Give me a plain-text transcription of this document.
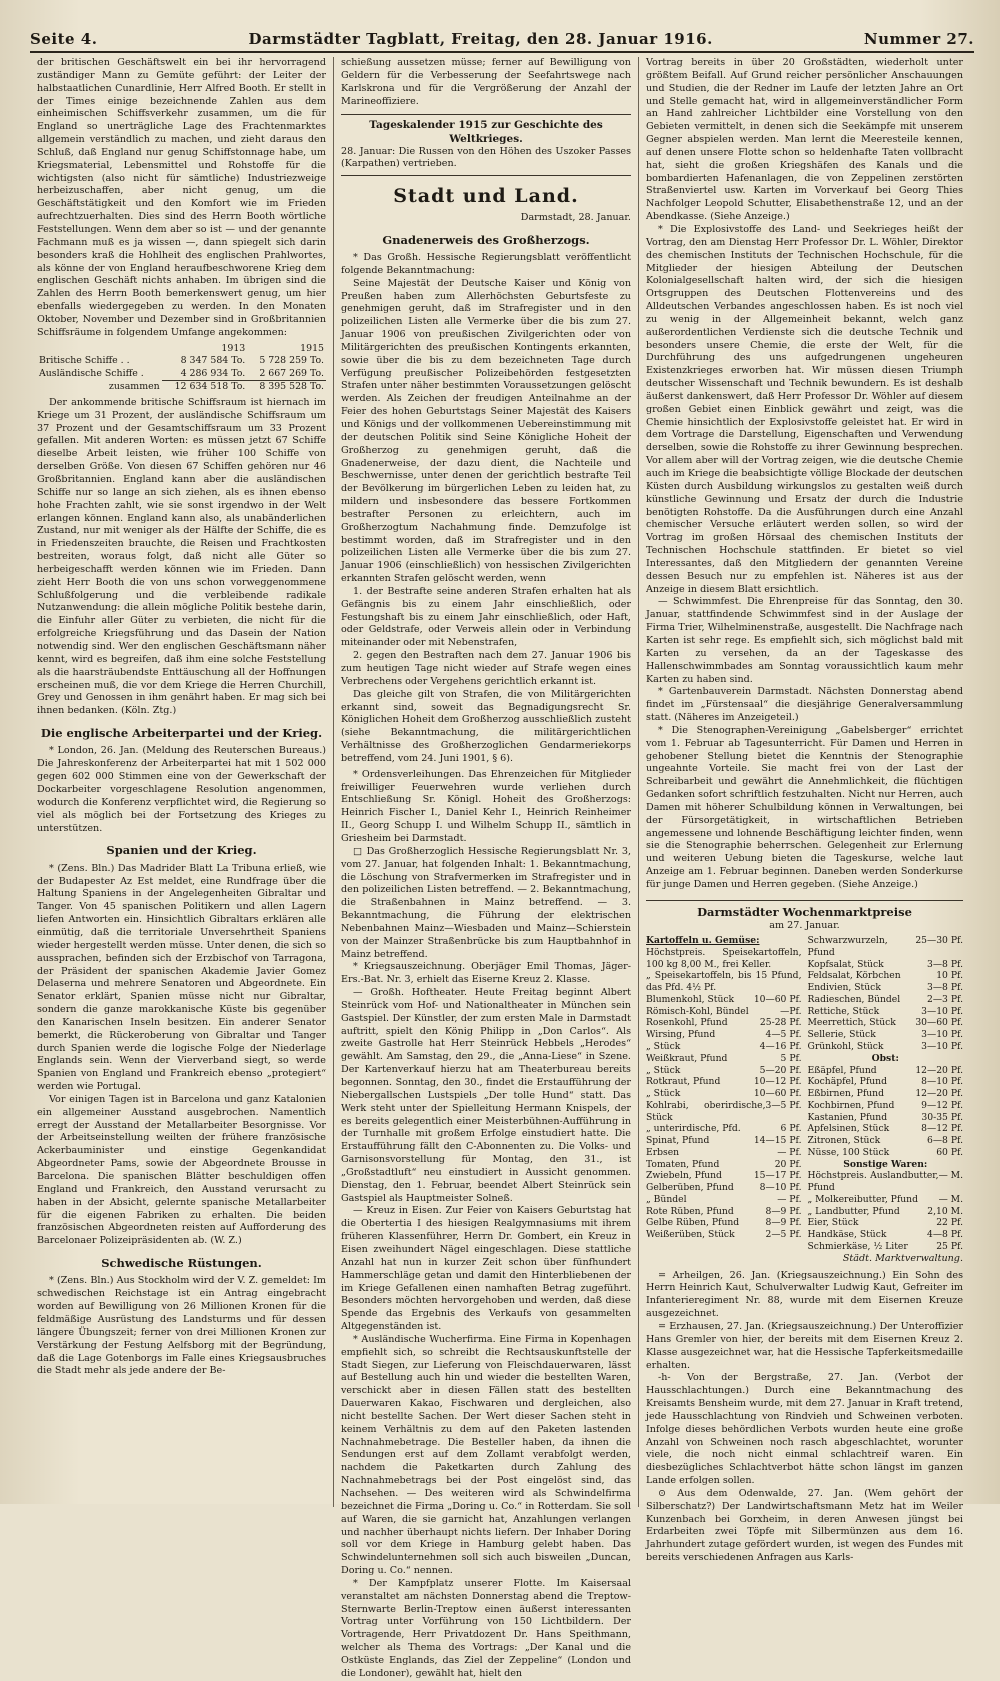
Seite 4.	Darmstädter Tagblatt, Freitag, den 28. Januar 1916.	Nummer 27.

der britischen Geschäftswelt ein bei ihr hervorragend zuständiger Mann zu Gemüte geführt: der Leiter der halbstaatlichen Cunardlinie, Herr Alfred Booth. Er stellt in der Times einige bezeichnende Zahlen aus dem einheimischen Schiffsverkehr zusammen, um die für England so unerträgliche Lage des Frachtenmarktes allgemein verständlich zu machen, und zieht daraus den Schluß, daß England nur genug Schiffstonnage habe, um Kriegsmaterial, Lebensmittel und Rohstoffe für die wichtigsten (also nicht für sämtliche) Industriezweige herbeizuschaffen, aber nicht genug, um die Geschäftstätigkeit und den Komfort wie im Frieden aufrechtzuerhalten. Dies sind des Herrn Booth wörtliche Feststellungen. Wenn dem aber so ist — und der genannte Fachmann muß es ja wissen —, dann spiegelt sich darin besonders kraß die Hohlheit des englischen Prahlwortes, als könne der von England heraufbeschworene Krieg dem englischen Geschäft nichts anhaben. Im übrigen sind die Zahlen des Herrn Booth bemerkenswert genug, um hier ebenfalls wiedergegeben zu werden. In den Monaten Oktober, November und Dezember sind in Großbritannien Schiffsräume in folgendem Umfange angekommen:

	1913	1915
Britische Schiffe . .	8 347 584 To.	5 728 259 To.
Ausländische Schiffe .	4 286 934 To.	2 667 269 To.
zusammen	12 634 518 To.	8 395 528 To.

Der ankommende britische Schiffsraum ist hiernach im Kriege um 31 Prozent, der ausländische Schiffsraum um 37 Prozent und der Gesamtschiffsraum um 33 Prozent gefallen. Mit anderen Worten: es müssen jetzt 67 Schiffe dieselbe Arbeit leisten, wie früher 100 Schiffe von derselben Größe. Von diesen 67 Schiffen gehören nur 46 Großbritannien. England kann aber die ausländischen Schiffe nur so lange an sich ziehen, als es ihnen ebenso hohe Frachten zahlt, wie sie sonst irgendwo in der Welt erlangen können. England kann also, als unabänderlichen Zustand, nur mit weniger als der Hälfte der Schiffe, die es in Friedenszeiten brauchte, die Reisen und Frachtkosten bestreiten, woraus folgt, daß nicht alle Güter so herbeigeschafft werden können wie im Frieden. Dann zieht Herr Booth die von uns schon vorweggenommene Schlußfolgerung und die verbleibende radikale Nutzanwendung: die allein mögliche Politik bestehe darin, die Einfuhr aller Güter zu verbieten, die nicht für die erfolgreiche Kriegsführung und das Dasein der Nation notwendig sind. Wer den englischen Geschäftsmann näher kennt, wird es begreifen, daß ihm eine solche Feststellung als die haarsträubendste Enttäuschung all der Hoffnungen erscheinen muß, die vor dem Kriege die Herren Churchill, Grey und Genossen in ihm genährt haben. Er mag sich bei ihnen bedanken. (Köln. Ztg.)

Die englische Arbeiterpartei und der Krieg.

* London, 26. Jan. (Meldung des Reuterschen Bureaus.) Die Jahreskonferenz der Arbeiterpartei hat mit 1 502 000 gegen 602 000 Stimmen eine von der Gewerkschaft der Dockarbeiter vorgeschlagene Resolution angenommen, wodurch die Konferenz verpflichtet wird, die Regierung so viel als möglich bei der Fortsetzung des Krieges zu unterstützen.

Spanien und der Krieg.

* (Zens. Bln.) Das Madrider Blatt La Tribuna erließ, wie der Budapester Az Est meldet, eine Rundfrage über die Haltung Spaniens in der Angelegenheiten Gibraltar und Tanger. Von 45 spanischen Politikern und allen Lagern liefen Antworten ein. Hinsichtlich Gibraltars erklären alle einmütig, daß die territoriale Unversehrtheit Spaniens wieder hergestellt werden müsse. Unter denen, die sich so aussprachen, befinden sich der Erzbischof von Tarragona, der Präsident der spanischen Akademie Javier Gomez Delaserna und mehrere Senatoren und Abgeordnete. Ein Senator erklärt, Spanien müsse nicht nur Gibraltar, sondern die ganze marokkanische Küste bis gegenüber den Kanarischen Inseln besitzen. Ein anderer Senator bemerkt, die Rückeroberung von Gibraltar und Tanger durch Spanien werde die logische Folge der Niederlage Englands sein. Wenn der Vierverband siegt, so werde Spanien von England und Frankreich ebenso „protegiert“ werden wie Portugal.

Vor einigen Tagen ist in Barcelona und ganz Katalonien ein allgemeiner Ausstand ausgebrochen. Namentlich erregt der Ausstand der Metallarbeiter Besorgnisse. Vor der Arbeitseinstellung weilten der frühere französische Ackerbauminister und einstige Gegenkandidat Abgeordneter Pams, sowie der Abgeordnete Brousse in Barcelona. Die spanischen Blätter beschuldigen offen England und Frankreich, den Ausstand verursacht zu haben in der Absicht, gelernte spanische Metallarbeiter für die eigenen Fabriken zu erhalten. Die beiden französischen Abgeordneten reisten auf Aufforderung des Barcelonaer Polizeipräsidenten ab. (W. Z.)

Schwedische Rüstungen.

* (Zens. Bln.) Aus Stockholm wird der V. Z. gemeldet: Im schwedischen Reichstage ist ein Antrag eingebracht worden auf Bewilligung von 26 Millionen Kronen für die feldmäßige Ausrüstung des Landsturms und für dessen längere Übungszeit; ferner von drei Millionen Kronen zur Verstärkung der Festung Aelfsborg mit der Begründung, daß die Lage Gotenborgs im Falle eines Kriegsausbruches die Stadt mehr als jede andere der Be-

schießung aussetzen müsse; ferner auf Bewilligung von Geldern für die Verbesserung der Seefahrtswege nach Karlskrona und für die Vergrößerung der Anzahl der Marineoffiziere.

Tageskalender 1915 zur Geschichte des Weltkrieges.

28. Januar: Die Russen von den Höhen des Uszoker Passes (Karpathen) vertrieben.

Stadt und Land.
Darmstadt, 28. Januar.
Gnadenerweis des Großherzogs.

* Das Großh. Hessische Regierungsblatt veröffentlicht folgende Bekanntmachung:

Seine Majestät der Deutsche Kaiser und König von Preußen haben zum Allerhöchsten Geburtsfeste zu genehmigen geruht, daß im Strafregister und in den polizeilichen Listen alle Vermerke über die bis zum 27. Januar 1906 von preußischen Zivilgerichten oder von Militärgerichten des preußischen Kontingents erkannten, sowie über die bis zu dem bezeichneten Tage durch Verfügung preußischer Polizeibehörden festgesetzten Strafen unter näher bestimmten Voraussetzungen gelöscht werden. Als Zeichen der freudigen Anteilnahme an der Feier des hohen Geburtstags Seiner Majestät des Kaisers und Königs und der vollkommenen Uebereinstimmung mit der deutschen Politik sind Seine Königliche Hoheit der Großherzog zu genehmigen geruht, daß die Gnadenerweise, der dazu dient, die Nachteile und Beschwernisse, unter denen der gerichtlich bestrafte Teil der Bevölkerung im bürgerlichen Leben zu leiden hat, zu mildern und insbesondere das bessere Fortkommen bestrafter Personen zu erleichtern, auch im Großherzogtum Nachahmung finde. Demzufolge ist bestimmt worden, daß im Strafregister und in den polizeilichen Listen alle Vermerke über die bis zum 27. Januar 1906 (einschließlich) von hessischen Zivilgerichten erkannten Strafen gelöscht werden, wenn

1. der Bestrafte seine anderen Strafen erhalten hat als Gefängnis bis zu einem Jahr einschließlich, oder Festungshaft bis zu einem Jahr einschließlich, oder Haft, oder Geldstrafe, oder Verweis allein oder in Verbindung miteinander oder mit Nebenstrafen,

2. gegen den Bestraften nach dem 27. Januar 1906 bis zum heutigen Tage nicht wieder auf Strafe wegen eines Verbrechens oder Vergehens gerichtlich erkannt ist.

Das gleiche gilt von Strafen, die von Militärgerichten erkannt sind, soweit das Begnadigungsrecht Sr. Königlichen Hoheit dem Großherzog ausschließlich zusteht (siehe Bekanntmachung, die militärgerichtlichen Verhältnisse des Großherzoglichen Gendarmeriekorps betreffend, vom 24. Juni 1901, § 6).

* Ordensverleihungen. Das Ehrenzeichen für Mitglieder freiwilliger Feuerwehren wurde verliehen durch Entschließung Sr. Königl. Hoheit des Großherzogs: Heinrich Fischer I., Daniel Kehr I., Heinrich Reinheimer II., Georg Schupp I. und Wilhelm Schupp II., sämtlich in Griesheim bei Darmstadt.

□ Das Großherzoglich Hessische Regierungsblatt Nr. 3, vom 27. Januar, hat folgenden Inhalt: 1. Bekanntmachung, die Löschung von Strafvermerken im Strafregister und in den polizeilichen Listen betreffend. — 2. Bekanntmachung, die Straßenbahnen in Mainz betreffend. — 3. Bekanntmachung, die Führung der elektrischen Nebenbahnen Mainz—Wiesbaden und Mainz—Schierstein von der Mainzer Straßenbrücke bis zum Hauptbahnhof in Mainz betreffend.

* Kriegsauszeichnung. Oberjäger Emil Thomas, Jäger-Ers.-Bat. Nr. 3, erhielt das Eiserne Kreuz 2. Klasse.

— Großh. Hoftheater. Heute Freitag beginnt Albert Steinrück vom Hof- und Nationaltheater in München sein Gastspiel. Der Künstler, der zum ersten Male in Darmstadt auftritt, spielt den König Philipp in „Don Carlos“. Als zweite Gastrolle hat Herr Steinrück Hebbels „Herodes“ gewählt. Am Samstag, den 29., die „Anna-Liese“ in Szene. Der Kartenverkauf hierzu hat am Theaterbureau bereits begonnen. Sonntag, den 30., findet die Erstaufführung der Niebergallschen Lustspiels „Der tolle Hund“ statt. Das Werk steht unter der Spielleitung Hermann Knispels, der es bereits gelegentlich einer Meisterbühnen-Aufführung in der Turnhalle mit großem Erfolge einstudiert hatte. Die Erstaufführung fällt den C-Abonnenten zu. Die Volks- und Garnisonsvorstellung für Montag, den 31., ist „Großstadtluft“ neu einstudiert in Aussicht genommen. Dienstag, den 1. Februar, beendet Albert Steinrück sein Gastspiel als Hauptmeister Solneß.

— Kreuz in Eisen. Zur Feier von Kaisers Geburtstag hat die Obertertia I des hiesigen Realgymnasiums mit ihrem früheren Klassenführer, Herrn Dr. Gombert, ein Kreuz in Eisen zweihundert Nägel eingeschlagen. Diese stattliche Anzahl hat nun in kurzer Zeit schon über fünfhundert Hammerschläge getan und damit den Hinterbliebenen der im Kriege Gefallenen einen namhaften Betrag zugeführt. Besonders möchten hervorgehoben und werden, daß diese Spende das Ergebnis des Verkaufs von gesammelten Altgegenständen ist.

* Ausländische Wucherfirma. Eine Firma in Kopenhagen empfiehlt sich, so schreibt die Rechtsauskunftstelle der Stadt Siegen, zur Lieferung von Fleischdauerwaren, lässt auf Bestellung auch hin und wieder die bestellten Waren, verschickt aber in diesen Fällen statt des bestellten Dauerwaren Kakao, Fischwaren und dergleichen, also nicht bestellte Sachen. Der Wert dieser Sachen steht in keinem Verhältnis zu dem auf den Paketen lastenden Nachnahmebetrage. Die Besteller haben, da ihnen die Sendungen erst auf dem Zollamt verabfolgt werden, nachdem die Paketkarten durch Zahlung des Nachnahmebetrags bei der Post eingelöst sind, das Nachsehen. — Des weiteren wird als Schwindelfirma bezeichnet die Firma „Doring u. Co.“ in Rotterdam. Sie soll auf Waren, die sie garnicht hat, Anzahlungen verlangen und nachher überhaupt nichts liefern. Der Inhaber Doring soll vor dem Kriege in Hamburg gelebt haben. Das Schwindelunternehmen soll sich auch bisweilen „Duncan, Doring u. Co.“ nennen.

* Der Kampfplatz unserer Flotte. Im Kaisersaal veranstaltet am nächsten Donnerstag abend die Treptow-Sternwarte Berlin-Treptow einen äußerst interessanten Vortrag unter Vorführung von 150 Lichtbildern. Der Vortragende, Herr Privatdozent Dr. Hans Speithmann, welcher als Thema des Vortrags: „Der Kanal und die Ostküste Englands, das Ziel der Zeppeline“ (London und die Londoner), gewählt hat, hielt den

Vortrag bereits in über 20 Großstädten, wiederholt unter größtem Beifall. Auf Grund reicher persönlicher Anschauungen und Studien, die der Redner im Laufe der letzten Jahre an Ort und Stelle gemacht hat, wird in allgemeinverständlicher Form an Hand zahlreicher Lichtbilder eine Vorstellung von den Gebieten vermittelt, in denen sich die Seekämpfe mit unserem Gegner abspielen werden. Man lernt die Meeresteile kennen, auf denen unsere Flotte schon so heldenhafte Taten vollbracht hat, sieht die großen Kriegshäfen des Kanals und die bombardierten Hafenanlagen, die von Zeppelinen zerstörten Straßenviertel usw. Karten im Vorverkauf bei Georg Thies Nachfolger Leopold Schutter, Elisabethenstraße 12, und an der Abendkasse. (Siehe Anzeige.)

* Die Explosivstoffe des Land- und Seekrieges heißt der Vortrag, den am Dienstag Herr Professor Dr. L. Wöhler, Direktor des chemischen Instituts der Technischen Hochschule, für die Mitglieder der hiesigen Abteilung der Deutschen Kolonialgesellschaft halten wird, der sich die hiesigen Ortsgruppen des Deutschen Flottenvereins und des Alldeutschen Verbandes angeschlossen haben. Es ist noch viel zu wenig in der Allgemeinheit bekannt, welch ganz außerordentlichen Verdienste sich die deutsche Technik und besonders unsere Chemie, die erste der Welt, für die Durchführung des uns aufgedrungenen ungeheuren Existenzkrieges erworben hat. Wir müssen diesen Triumph deutscher Wissenschaft und Technik bewundern. Es ist deshalb äußerst dankenswert, daß Herr Professor Dr. Wöhler auf diesem großen Gebiet einen Einblick gewährt und zeigt, was die Chemie hinsichtlich der Explosivstoffe geleistet hat. Er wird in dem Vortrage die Darstellung, Eigenschaften und Verwendung derselben, sowie die Rohstoffe zu ihrer Gewinnung besprechen. Vor allem aber will der Vortrag zeigen, wie die deutsche Chemie auch im Kriege die beabsichtigte völlige Blockade der deutschen Küsten durch Ausbildung wirkungslos zu gestalten weiß durch künstliche Gewinnung und Ersatz der durch die Industrie benötigten Rohstoffe. Da die Ausführungen durch eine Anzahl chemischer Versuche erläutert werden sollen, so wird der Vortrag im großen Hörsaal des chemischen Instituts der Technischen Hochschule stattfinden. Er bietet so viel Interessantes, daß den Mitgliedern der genannten Vereine dessen Besuch nur zu empfehlen ist. Näheres ist aus der Anzeige in diesem Blatt ersichtlich.

— Schwimmfest. Die Ehrenpreise für das Sonntag, den 30. Januar, stattfindende Schwimmfest sind in der Auslage der Firma Trier, Wilhelminenstraße, ausgestellt. Die Nachfrage nach Karten ist sehr rege. Es empfiehlt sich, sich möglichst bald mit Karten zu versehen, da an der Tageskasse des Hallenschwimmbades am Sonntag voraussichtlich kaum mehr Karten zu haben sind.

* Gartenbauverein Darmstadt. Nächsten Donnerstag abend findet im „Fürstensaal“ die diesjährige Generalversammlung statt. (Näheres im Anzeigeteil.)

* Die Stenographen-Vereinigung „Gabelsberger“ errichtet vom 1. Februar ab Tagesunterricht. Für Damen und Herren in gehobener Stellung bietet die Kenntnis der Stenographie ungeahnte Vorteile. Sie macht frei von der Last der Schreibarbeit und gewährt die Annehmlichkeit, die flüchtigen Gedanken sofort schriftlich festzuhalten. Nicht nur Herren, auch Damen mit höherer Schulbildung können in Verwaltungen, bei der Fürsorgetätigkeit, in wirtschaftlichen Betrieben angemessene und lohnende Beschäftigung leichter finden, wenn sie die Stenographie beherrschen. Gelegenheit zur Erlernung und weiteren Uebung bieten die Tageskurse, welche laut Anzeige am 1. Februar beginnen. Daneben werden Sonderkurse für junge Damen und Herren gegeben. (Siehe Anzeige.)

Darmstädter Wochenmarktpreise
am 27. Januar.
Kartoffeln u. Gemüse:
Höchstpreis. Speisekartoffeln, 100 kg 8,00 M., frei Keller.
„ Speisekartoffeln, bis 15 Pfund, das Pfd. 4½ Pf.
Blumenkohl, Stück 10—60 Pf.
Römisch-Kohl, Bündel	—Pf.
Rosenkohl, Pfund	25-28 Pf.
Wirsing, Pfund	4—5 Pf.
„ Stück	4—16 Pf.
Weißkraut, Pfund	5 Pf.
„ Stück	5—20 Pf.
Rotkraut, Pfund	10—12 Pf.
„ Stück	10—60 Pf.
Kohlrabi, oberirdische, Stück
3—5 Pf.
„ unterirdische, Pfd.	6 Pf.
Spinat, Pfund	14—15 Pf.
Erbsen	— Pf.
Tomaten, Pfund	20 Pf.
Zwiebeln, Pfund	15—17 Pf.
Gelberüben, Pfund	8—10 Pf.
„ Bündel	— Pf.
Rote Rüben, Pfund	8—9 Pf.
Gelbe Rüben, Pfund	8—9 Pf.
Weißerüben, Stück	2—5 Pf.
Schwarzwurzeln, Pfund
25—30 Pf.
Kopfsalat, Stück	3—8 Pf.
Feldsalat, Körbchen	10 Pf.
Endivien, Stück	3—8 Pf.
Radieschen, Bündel	2—3 Pf.
Rettiche, Stück	3—10 Pf.
Meerrettich, Stück 30—60 Pf.
Sellerie, Stück	3—10 Pf.
Grünkohl, Stück	3—10 Pf.
Obst:
Eßäpfel, Pfund	12—20 Pf.
Kochäpfel, Pfund	8—10 Pf.
Eßbirnen, Pfund	12—20 Pf.
Kochbirnen, Pfund	9—12 Pf.
Kastanien, Pfund	30-35 Pf.
Apfelsinen, Stück	8—12 Pf.
Zitronen, Stück	6—8 Pf.
Nüsse, 100 Stück	60 Pf.
Sonstige Waren:
Höchstpreis. Auslandbutter, Pfund
— M.
„ Molkereibutter, Pfund — M.
„ Landbutter, Pfund	2,10 M.
Eier, Stück	22 Pf.
Handkäse, Stück	4—8 Pf.
Schmierkäse, ½ Liter	25 Pf.
Städt. Marktverwaltung.

= Arheilgen, 26. Jan. (Kriegsauszeichnung.) Ein Sohn des Herrn Heinrich Kaut, Schulverwalter Ludwig Kaut, Gefreiter im Infanterieregiment Nr. 88, wurde mit dem Eisernen Kreuze ausgezeichnet.

= Erzhausen, 27. Jan. (Kriegsauszeichnung.) Der Unteroffizier Hans Gremler von hier, der bereits mit dem Eisernen Kreuz 2. Klasse ausgezeichnet war, hat die Hessische Tapferkeitsmedaille erhalten.

-h- Von der Bergstraße, 27. Jan. (Verbot der Hausschlachtungen.) Durch eine Bekanntmachung des Kreisamts Bensheim wurde, mit dem 27. Januar in Kraft tretend, jede Hausschlachtung von Rindvieh und Schweinen verboten. Infolge dieses behördlichen Verbots wurden heute eine große Anzahl von Schweinen noch rasch abgeschlachtet, worunter viele, die noch nicht einmal schlachtreif waren. Ein diesbezügliches Schlachtverbot hätte schon längst im ganzen Lande erfolgen sollen.

⊙ Aus dem Odenwalde, 27. Jan. (Wem gehört der Silberschatz?) Der Landwirtschaftsmann Metz hat im Weiler Kunzenbach bei Gorxheim, in deren Anwesen jüngst bei Erdarbeiten zwei Töpfe mit Silbermünzen aus dem 16. Jahrhundert zutage gefördert wurden, ist wegen des Fundes mit bereits verschiedenen Anfragen aus Karls-
